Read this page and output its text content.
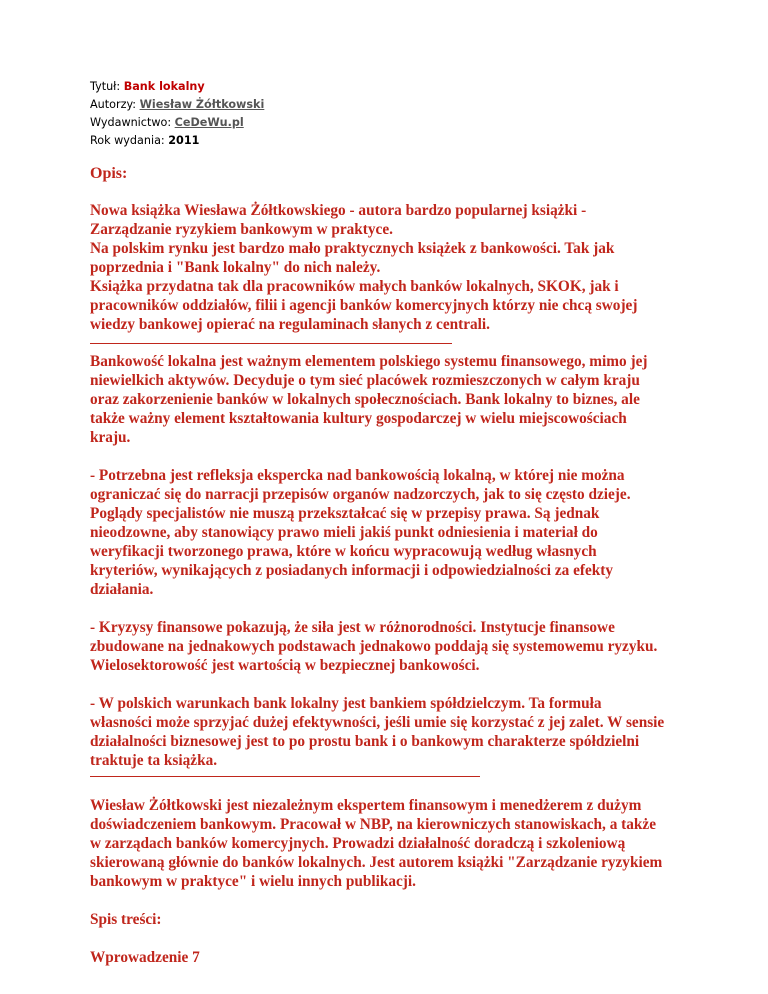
Tytuł: Bank lokalny
Autorzy: Wiesław Żółtkowski
Wydawnictwo: CeDeWu.pl
Rok wydania: 2011
Opis:
Nowa książka Wiesława Żółtkowskiego - autora bardzo popularnej książki -
Zarządzanie ryzykiem bankowym w praktyce.
Na polskim rynku jest bardzo mało praktycznych książek z bankowości. Tak jak
poprzednia i "Bank lokalny" do nich należy.
Książka przydatna tak dla pracowników małych banków lokalnych, SKOK, jak i
pracowników oddziałów, filii i agencji banków komercyjnych którzy nie chcą swojej
wiedzy bankowej opierać na regulaminach słanych z centrali.
Bankowość lokalna jest ważnym elementem polskiego systemu finansowego, mimo jej
niewielkich aktywów. Decyduje o tym sieć placówek rozmieszczonych w całym kraju
oraz zakorzenienie banków w lokalnych społecznościach. Bank lokalny to biznes, ale
także ważny element kształtowania kultury gospodarczej w wielu miejscowościach
kraju.
- Potrzebna jest refleksja ekspercka nad bankowością lokalną, w której nie można
ograniczać się do narracji przepisów organów nadzorczych, jak to się często dzieje.
Poglądy specjalistów nie muszą przekształcać się w przepisy prawa. Są jednak
nieodzowne, aby stanowiący prawo mieli jakiś punkt odniesienia i materiał do
weryfikacji tworzonego prawa, które w końcu wypracowują według własnych
kryteriów, wynikających z posiadanych informacji i odpowiedzialności za efekty
działania.
- Kryzysy finansowe pokazują, że siła jest w różnorodności. Instytucje finansowe
zbudowane na jednakowych podstawach jednakowo poddają się systemowemu ryzyku.
Wielosektorowość jest wartością w bezpiecznej bankowości.
- W polskich warunkach bank lokalny jest bankiem spółdzielczym. Ta formuła
własności może sprzyjać dużej efektywności, jeśli umie się korzystać z jej zalet. W sensie
działalności biznesowej jest to po prostu bank i o bankowym charakterze spółdzielni
traktuje ta książka.
Wiesław Żółtkowski jest niezależnym ekspertem finansowym i menedżerem z dużym
doświadczeniem bankowym. Pracował w NBP, na kierowniczych stanowiskach, a także
w zarządach banków komercyjnych. Prowadzi działalność doradczą i szkoleniową
skierowaną głównie do banków lokalnych. Jest autorem książki "Zarządzanie ryzykiem
bankowym w praktyce" i wielu innych publikacji.
Spis treści:
Wprowadzenie 7
